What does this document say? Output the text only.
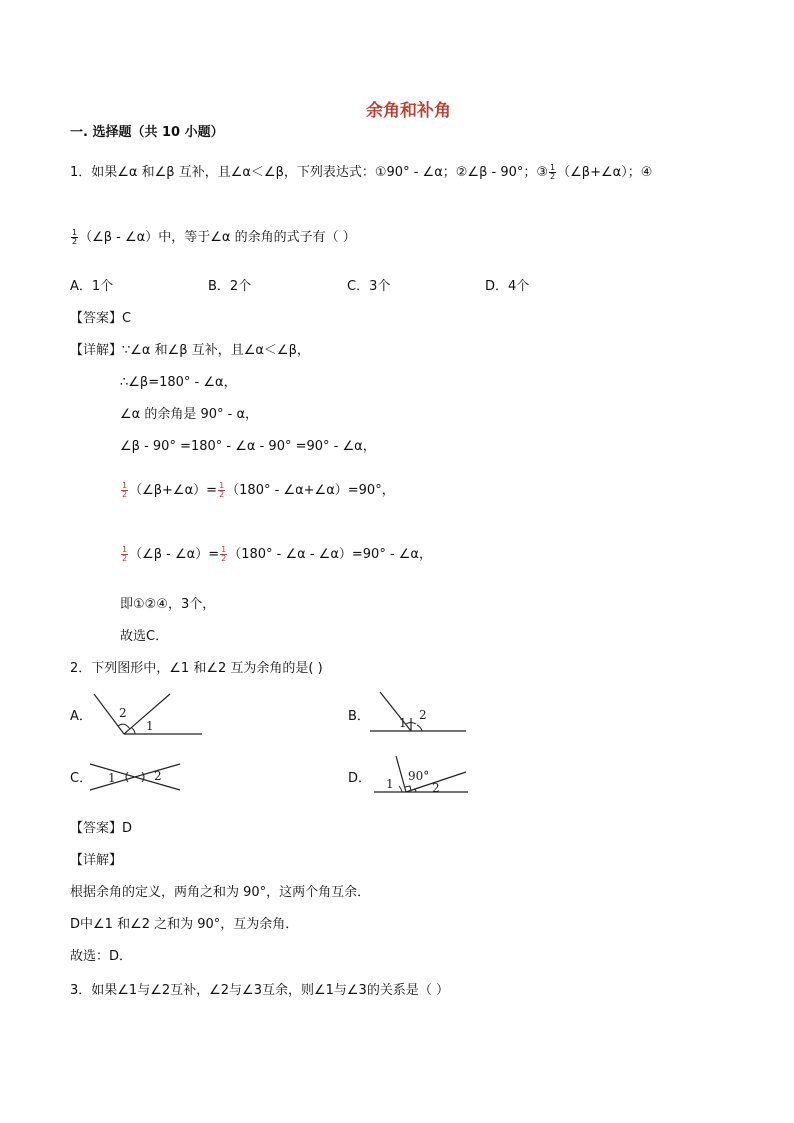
余角和补角
一. 选择题（共 10 小题）
1．如果∠α 和∠β 互补，且∠α＜∠β，下列表达式：①90° - ∠α；②∠β - 90°；③ $\frac{1}{2}$ （∠β+∠α）；④
$\frac{1}{2}$ （∠β - ∠α）中，等于∠α 的余角的式子有（ ）
A．1个	B．2个	C．3个	D．4个
【答案】C
【详解】∵∠α 和∠β 互补，且∠α＜∠β，
∴∠β=180° - ∠α，
∠α 的余角是 90° - α，
∠β - 90° =180° - ∠α - 90° =90° - ∠α，
$\frac{1}{2}$ （∠β+∠α）= $\frac{1}{2} (180^\circ$ - ∠α+∠α）=90°，
$\frac{1}{2}$ （∠β - ∠α）= $\frac{1}{2} (180^\circ$ - ∠α - ∠α）=90° - ∠α，
即①②④，3个，
故选C．
2．下列图形中，∠1 和∠2 互为余角的是( )
A．	B．
C．	D．
2
1	1
2
1	2
1
90°
2
【答案】D
【详解】
根据余角的定义，两角之和为 90°，这两个角互余．
D中∠1 和∠2 之和为 90°，互为余角．
故选：D．
3．如果∠1与∠2互补，∠2与∠3互余，则∠1与∠3的关系是（ ）
